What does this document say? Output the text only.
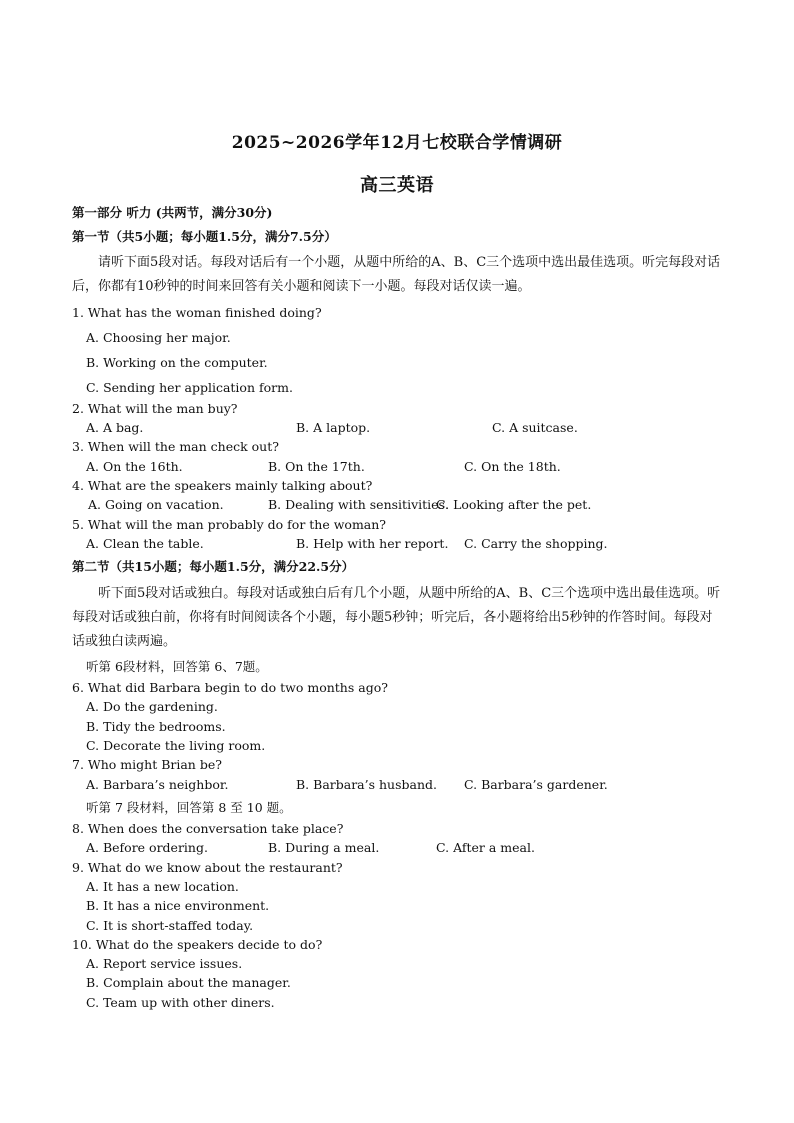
2025~2026学年12月七校联合学情调研
高三英语
第一部分 听力 (共两节，满分30分)
第一节（共5小题；每小题1.5分，满分7.5分）
请听下面5段对话。每段对话后有一个小题，从题中所给的A、B、C三个选项中选出最佳选项。听完每段对话后，你都有10秒钟的时间来回答有关小题和阅读下一小题。每段对话仅读一遍。
1. What has the woman finished doing?
A. Choosing her major.
B. Working on the computer.
C. Sending her application form.
2. What will the man buy?
A. A bag.	B. A laptop.	C. A suitcase.
3. When will the man check out?
A. On the 16th.	B. On the 17th.	C. On the 18th.
4. What are the speakers mainly talking about?
A. Going on vacation.	B. Dealing with sensitivities.
C. Looking after the pet.
5. What will the man probably do for the woman?
A. Clean the table.	B. Help with her report. C. Carry the shopping.
第二节（共15小题；每小题1.5分，满分22.5分）
听下面5段对话或独白。每段对话或独白后有几个小题，从题中所给的A、B、C三个选项中选出最佳选项。听每段对话或独白前，你将有时间阅读各个小题，每小题5秒钟；听完后，各小题将给出5秒钟的作答时间。每段对话或独白读两遍。
听第 6段材料，回答第 6、7题。
6. What did Barbara begin to do two months ago?
A. Do the gardening.
B. Tidy the bedrooms.
C. Decorate the living room.
7. Who might Brian be?
A. Barbara’s neighbor.	B. Barbara’s husband. C. Barbara’s gardener.
听第 7 段材料，回答第 8 至 10 题。
8. When does the conversation take place?
A. Before ordering.	B. During a meal.	C. After a meal.
9. What do we know about the restaurant?
A. It has a new location.
B. It has a nice environment.
C. It is short-staffed today.
10. What do the speakers decide to do?
A. Report service issues.
B. Complain about the manager.
C. Team up with other diners.
